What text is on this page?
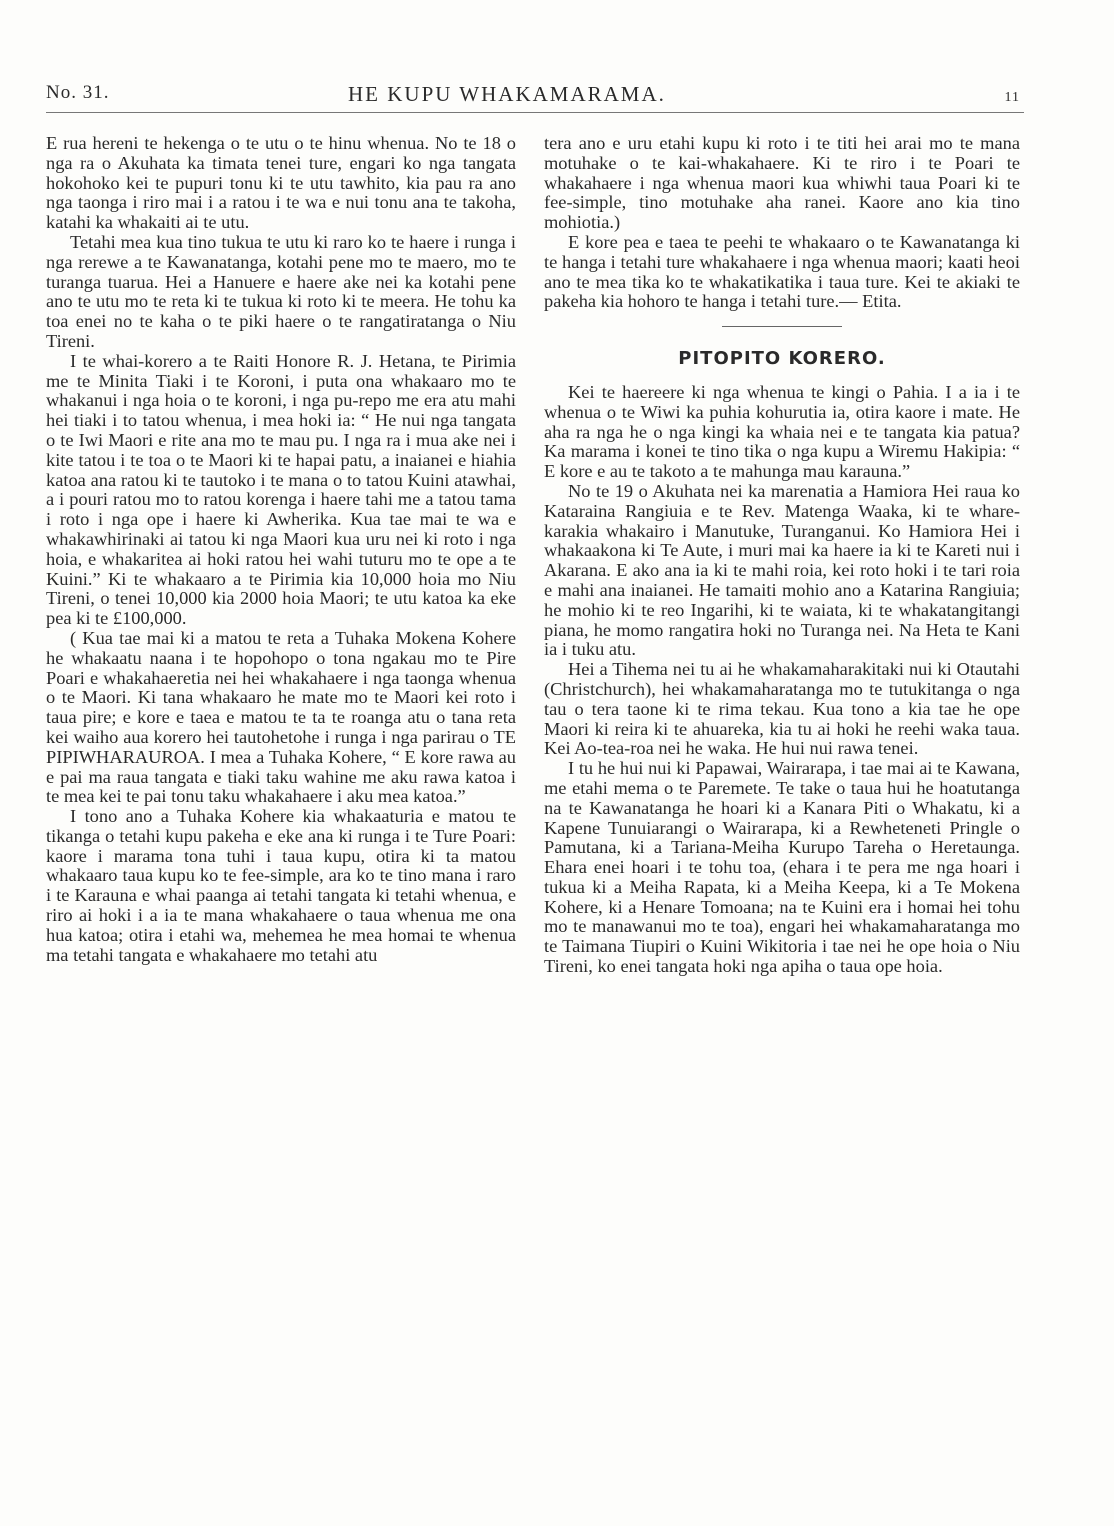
No. 31.	HE KUPU WHAKAMARAMA.	11

E rua hereni te hekenga o te utu o te hinu whenua. No te 18 o nga ra o Akuhata ka timata tenei ture, engari ko nga tangata hokohoko kei te pupuri tonu ki te utu tawhito, kia pau ra ano nga taonga i riro mai i a ratou i te wa e nui tonu ana te takoha, katahi ka whakaiti ai te utu.

Tetahi mea kua tino tukua te utu ki raro ko te haere i runga i nga rerewe a te Kawanatanga, kotahi pene mo te maero, mo te turanga tuarua. Hei a Hanuere e haere ake nei ka kotahi pene ano te utu mo te reta ki te tukua ki roto ki te meera. He tohu ka toa enei no te kaha o te piki haere o te rangatiratanga o Niu Tireni.

I te whai-korero a te Raiti Honore R. J. Hetana, te Pirimia me te Minita Tiaki i te Koroni, i puta ona whakaaro mo te whakanui i nga hoia o te koroni, i nga pu-repo me era atu mahi hei tiaki i to tatou whenua, i mea hoki ia: “ He nui nga tangata o te Iwi Maori e rite ana mo te mau pu. I nga ra i mua ake nei i kite tatou i te toa o te Maori ki te hapai patu, a inaianei e hiahia katoa ana ratou ki te tautoko i te mana o to tatou Kuini atawhai, a i pouri ratou mo to ratou korenga i haere tahi me a tatou tama i roto i nga ope i haere ki Awherika. Kua tae mai te wa e whakawhirinaki ai tatou ki nga Maori kua uru nei ki roto i nga hoia, e whakaritea ai hoki ratou hei wahi tuturu mo te ope a te Kuini.” Ki te whakaaro a te Pirimia kia 10,000 hoia mo Niu Tireni, o tenei 10,000 kia 2000 hoia Maori; te utu katoa ka eke pea ki te £100,000.

( Kua tae mai ki a matou te reta a Tuhaka Mokena Kohere he whakaatu naana i te hopohopo o tona ngakau mo te Pire Poari e whakahaeretia nei hei whakahaere i nga taonga whenua o te Maori. Ki tana whakaaro he mate mo te Maori kei roto i taua pire; e kore e taea e matou te ta te roanga atu o tana reta kei waiho aua korero hei tautohetohe i runga i nga parirau o TE PIPIWHARAUROA. I mea a Tuhaka Kohere, “ E kore rawa au e pai ma raua tangata e tiaki taku wahine me aku rawa katoa i te mea kei te pai tonu taku whakahaere i aku mea katoa.”

I tono ano a Tuhaka Kohere kia whakaaturia e matou te tikanga o tetahi kupu pakeha e eke ana ki runga i te Ture Poari: kaore i marama tona tuhi i taua kupu, otira ki ta matou whakaaro taua kupu ko te fee-simple, ara ko te tino mana i raro i te Karauna e whai paanga ai tetahi tangata ki tetahi whenua, e riro ai hoki i a ia te mana whakahaere o taua whenua me ona hua katoa; otira i etahi wa, mehemea he mea homai te whenua ma tetahi tangata e whakahaere mo tetahi atu

tera ano e uru etahi kupu ki roto i te titi hei arai mo te mana motuhake o te kai-whakahaere. Ki te riro i te Poari te whakahaere i nga whenua maori kua whiwhi taua Poari ki te fee-simple, tino motuhake aha ranei. Kaore ano kia tino mohiotia.)

E kore pea e taea te peehi te whakaaro o te Kawanatanga ki te hanga i tetahi ture whakahaere i nga whenua maori; kaati heoi ano te mea tika ko te whakatikatika i taua ture. Kei te akiaki te pakeha kia hohoro te hanga i tetahi ture.— Etita.

PITOPITO KORERO.

Kei te haereere ki nga whenua te kingi o Pahia. I a ia i te whenua o te Wiwi ka puhia kohurutia ia, otira kaore i mate. He aha ra nga he o nga kingi ka whaia nei e te tangata kia patua? Ka marama i konei te tino tika o nga kupu a Wiremu Hakipia: “ E kore e au te takoto a te mahunga mau karauna.”

No te 19 o Akuhata nei ka marenatia a Hamiora Hei raua ko Kataraina Rangiuia e te Rev. Matenga Waaka, ki te whare-karakia whakairo i Manutuke, Turanganui. Ko Hamiora Hei i whakaakona ki Te Aute, i muri mai ka haere ia ki te Kareti nui i Akarana. E ako ana ia ki te mahi roia, kei roto hoki i te tari roia e mahi ana inaianei. He tamaiti mohio ano a Katarina Rangiuia; he mohio ki te reo Ingarihi, ki te waiata, ki te whakatangitangi piana, he momo rangatira hoki no Turanga nei. Na Heta te Kani ia i tuku atu.

Hei a Tihema nei tu ai he whakamaharakitaki nui ki Otautahi (Christchurch), hei whakamaharatanga mo te tutukitanga o nga tau o tera taone ki te rima tekau. Kua tono a kia tae he ope Maori ki reira ki te ahuareka, kia tu ai hoki he reehi waka taua. Kei Ao-tea-roa nei he waka. He hui nui rawa tenei.

I tu he hui nui ki Papawai, Wairarapa, i tae mai ai te Kawana, me etahi mema o te Paremete. Te take o taua hui he hoatutanga na te Kawanatanga he hoari ki a Kanara Piti o Whakatu, ki a Kapene Tunuiarangi o Wairarapa, ki a Rewheteneti Pringle o Pamutana, ki a Tariana-Meiha Kurupo Tareha o Heretaunga. Ehara enei hoari i te tohu toa, (ehara i te pera me nga hoari i tukua ki a Meiha Rapata, ki a Meiha Keepa, ki a Te Mokena Kohere, ki a Henare Tomoana; na te Kuini era i homai hei tohu mo te manawanui mo te toa), engari hei whakamaharatanga mo te Taimana Tiupiri o Kuini Wikitoria i tae nei he ope hoia o Niu Tireni, ko enei tangata hoki nga apiha o taua ope hoia.
